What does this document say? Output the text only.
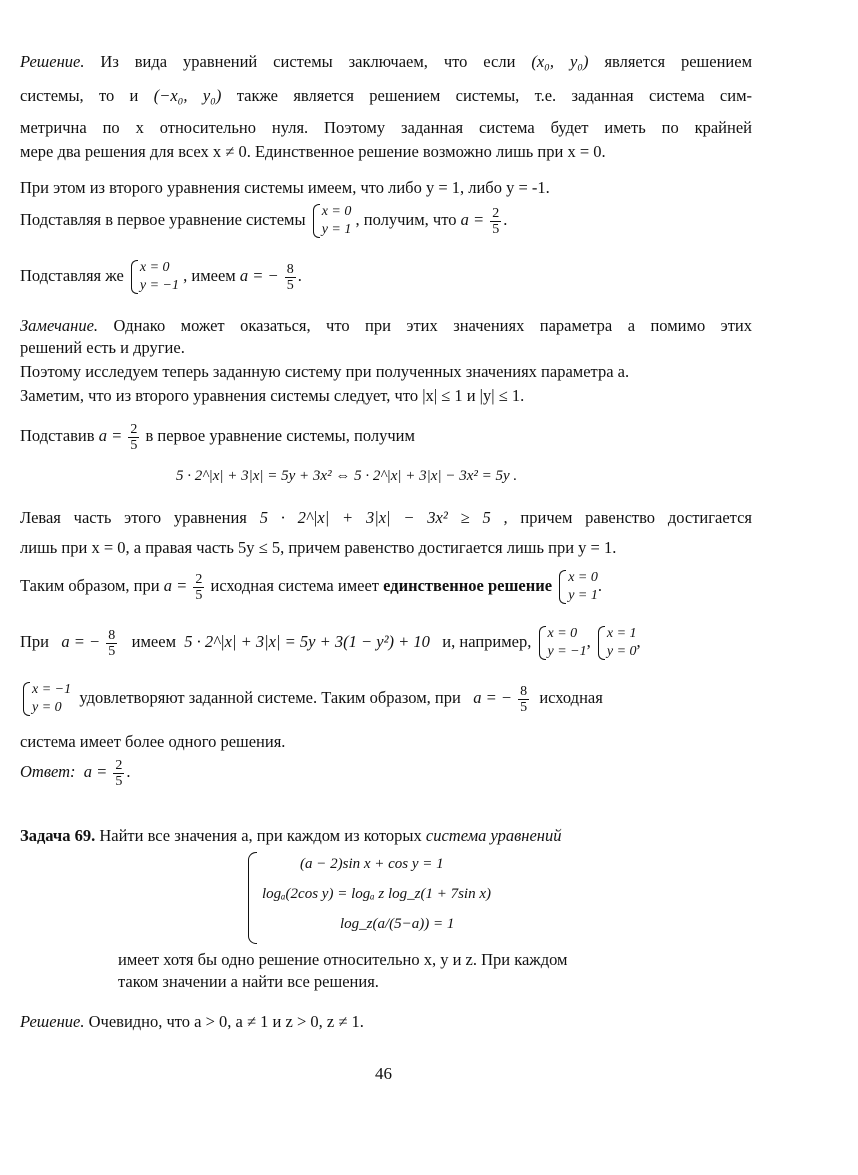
Решение. Из вида уравнений системы заключаем, что если (x₀, y₀) является решением
системы, то и (−x₀, y₀) также является решением системы, т.е. заданная система сим-
метрична по x относительно нуля. Поэтому заданная система будет иметь по крайней
мере два решения для всех x ≠ 0. Единственное решение возможно лишь при x = 0.
При этом из второго уравнения системы имеем, что либо y = 1, либо y = -1.
Подставляя в первое уравнение системы x = 0
y = 1
, получим, что $a = \frac{2}{5}$ .
Подставляя же x = 0
y = −1
, имеем a = − $\frac{8}{5}$ .
Замечание. Однако может оказаться, что при этих значениях параметра a помимо этих
решений есть и другие.
Поэтому исследуем теперь заданную систему при полученных значениях параметра a.
Заметим, что из второго уравнения системы следует, что |x| ≤ 1 и |y| ≤ 1.
Подставив $a = \frac{2}{5}$ в первое уравнение системы, получим
5 · 2^|x| + 3|x| = 5y + 3x² ⇔ 5 · 2^|x| + 3|x| − 3x² = 5y .
Левая часть этого уравнения 5 · 2^|x| + 3|x| − 3x² ≥ 5 , причем равенство достигается
лишь при x = 0, а правая часть 5y ≤ 5, причем равенство достигается лишь при y = 1.
Таким образом, при $a = \frac{2}{5}$ исходная система имеет единственное решение x = 0
y = 1
.
При a = − $\frac{8}{5}$ имеем 5 · 2^|x| + 3|x| = 5y + 3(1 − y²) + 10 и, например, x = 0
y = −1
, x = 1
y = 0
,
x = −1
y = 0
удовлетворяют заданной системе. Таким образом, при a = − $\frac{8}{5}$ исходная
система имеет более одного решения.
Ответ: $a = \frac{2}{5}$ .
Задача 69. Найти все значения a, при каждом из которых система уравнений
(a − 2)sin x + cos y = 1
logₐ(2cos y) = logₐ z log_z(1 + 7sin x)
log_z(a/(5−a)) = 1
имеет хотя бы одно решение относительно x, y и z. При каждом
таком значении a найти все решения.
Решение. Очевидно, что a > 0, a ≠ 1 и z > 0, z ≠ 1.
46
